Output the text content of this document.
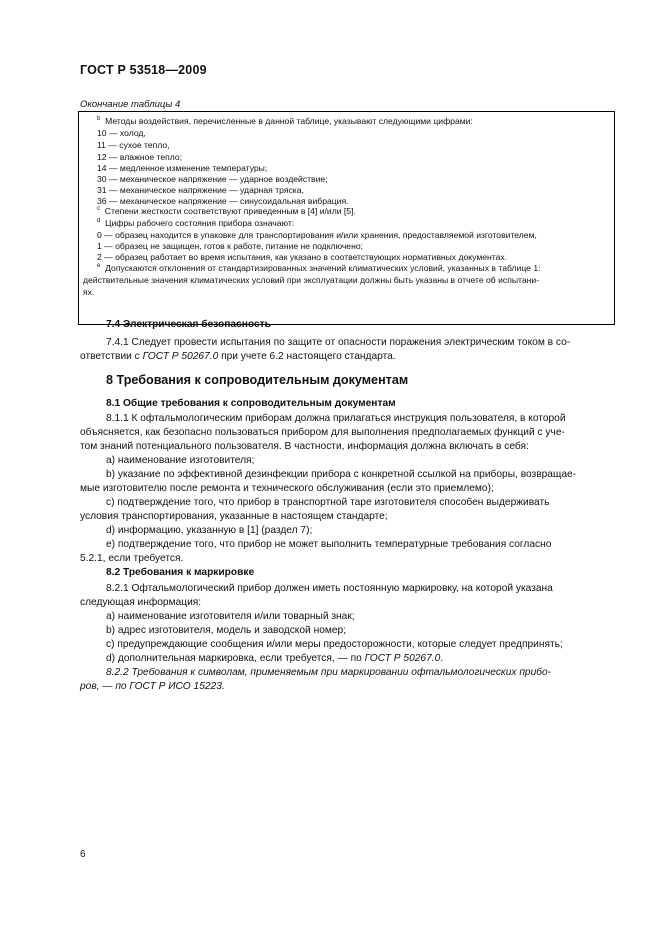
ГОСТ Р 53518—2009
Окончание таблицы 4
$^b$ Методы воздействия, перечисленные в данной таблице, указывают следующими цифрами:
10 — холод,
11 — сухое тепло,
12 — влажное тепло;
14 — медленное изменение температуры;
30 — механическое напряжение — ударное воздействие;
31 — механическое напряжение — ударная тряска,
36 — механическое напряжение — синусоидальная вибрация.
$^c$ Степени жесткости соответствуют приведенным в [4] и/или [5].
$^d$ Цифры рабочего состояния прибора означают:
0 — образец находится в упаковке для транспортирования и/или хранения, предоставляемой изготовителем,
1 — образец не защищен, готов к работе, питание не подключено;
2 — образец работает во время испытания, как указано в соответствующих нормативных документах.
$^e$ Допускаются отклонения от стандартизированных значений климатических условий, указанных в таблице 1:
действительные значения климатических условий при эксплуатации должны быть указаны в отчете об испытани-
ях.
7.4 Электрическая безопасность
7.4.1 Следует провести испытания по защите от опасности поражения электрическим током в со-
ответствии с ГОСТ Р 50267.0 при учете 6.2 настоящего стандарта.
8 Требования к сопроводительным документам
8.1 Общие требования к сопроводительным документам
8.1.1 К офтальмологическим приборам должна прилагаться инструкция пользователя, в которой
объясняется, как безопасно пользоваться прибором для выполнения предполагаемых функций с учe-
том знаний потенциального пользователя. В частности, информация должна включать в себя:
a) наименование изготовителя;
b) указание по эффективной дезинфекции прибора с конкретной ссылкой на приборы, возвращае-
мые изготовителю после ремонта и технического обслуживания (если это приемлемо);
c) подтверждение того, что прибор в транспортной таре изготовителя способен выдерживать
условия транспортирования, указанные в настоящем стандарте;
d) информацию, указанную в [1] (раздел 7);
e) подтверждение того, что прибор не может выполнить температурные требования согласно
5.2.1, если требуется.
8.2 Требования к маркировке
8.2.1 Офтальмологический прибор должен иметь постоянную маркировку, на которой указана
следующая информация:
a) наименование изготовителя и/или товарный знак;
b) адрес изготовителя, модель и заводской номер;
c) предупреждающие сообщения и/или меры предосторожности, которые следует предпринять;
d) дополнительная маркировка, если требуется, — по ГОСТ Р 50267.0.
8.2.2 Требования к символам, применяемым при маркировании офтальмологических прибо-
ров, — по ГОСТ Р ИСО 15223.
6
